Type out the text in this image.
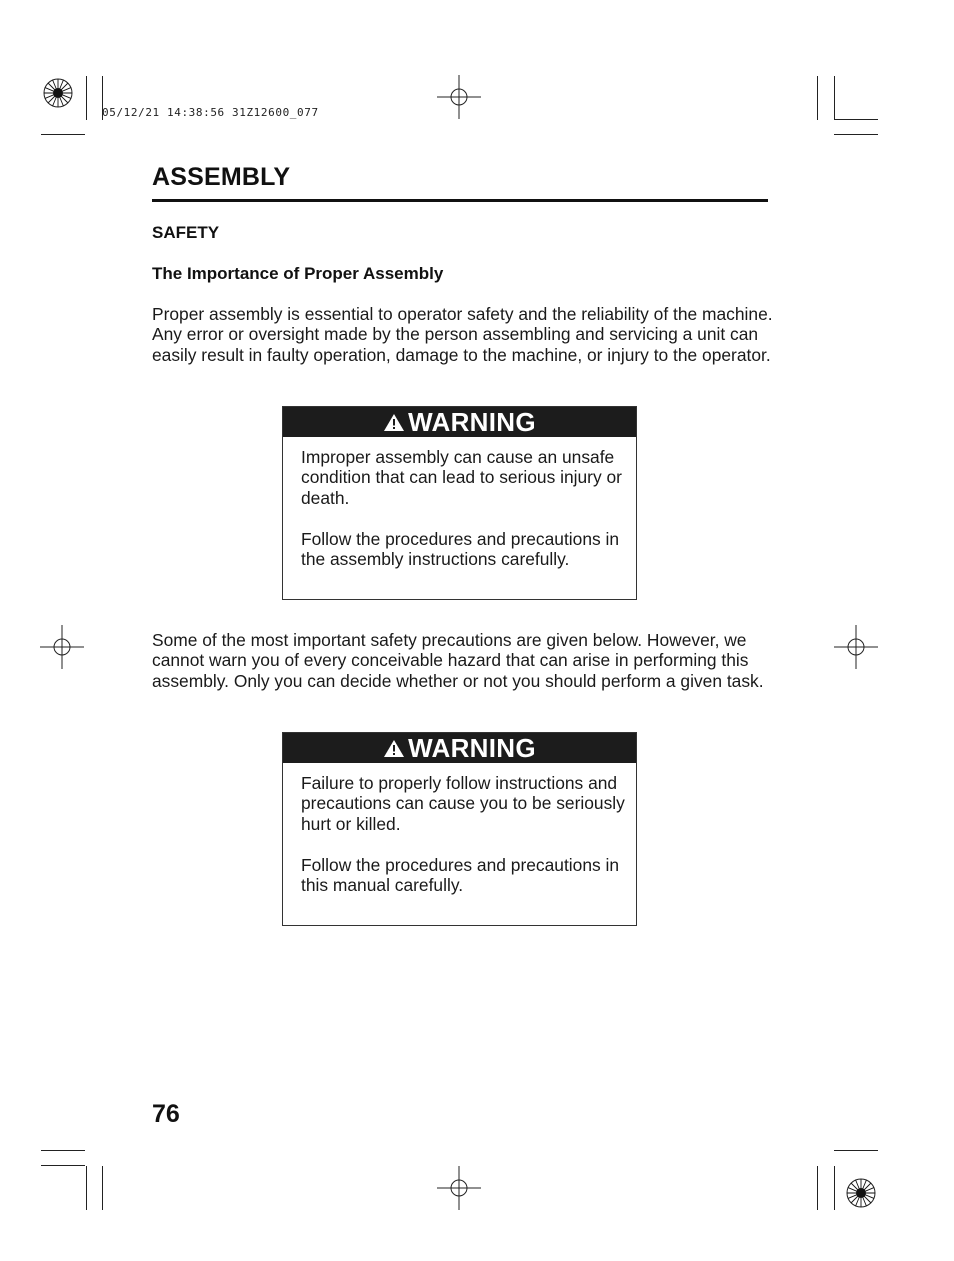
05/12/21 14:38:56 31Z12600_077
ASSEMBLY
SAFETY
The Importance of Proper Assembly
Proper assembly is essential to operator safety and the reliability of the machine. Any error or oversight made by the person assembling and servicing a unit can easily result in faulty operation, damage to the machine, or injury to the operator.
WARNING

Improper assembly can cause an unsafe condition that can lead to serious injury or death.

Follow the procedures and precautions in the assembly instructions carefully.

Some of the most important safety precautions are given below. However, we cannot warn you of every conceivable hazard that can arise in performing this assembly. Only you can decide whether or not you should perform a given task.
WARNING

Failure to properly follow instructions and precautions can cause you to be seriously hurt or killed.

Follow the procedures and precautions in this manual carefully.

76
